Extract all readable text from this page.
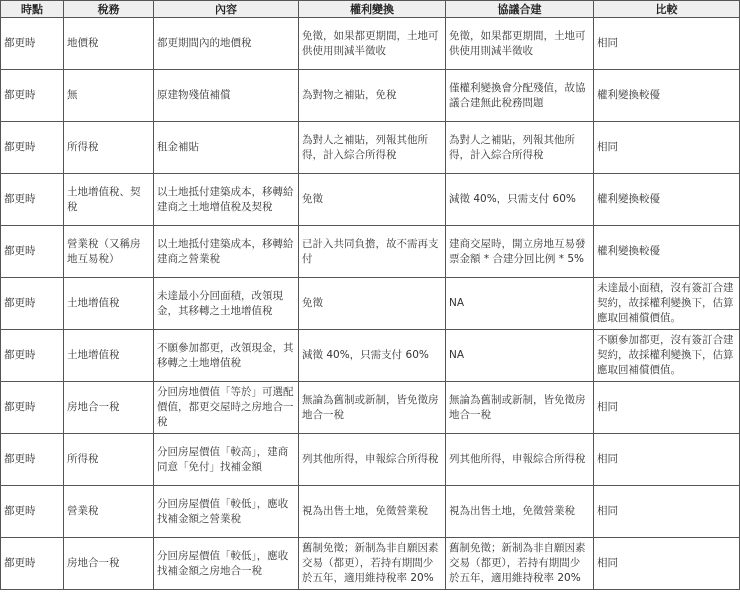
時點	稅務	內容	權利變換	協議合建	比較
都更時	地價稅	都更期間內的地價稅	免徵，如果都更期間，土地可供使用則減半徵收	免徵，如果都更期間，土地可供使用則減半徵收	相同
都更時	無	原建物殘值補償	為對物之補貼，免稅	僅權利變換會分配殘值，故協議合建無此稅務問題	權利變換較優
都更時	所得稅	租金補貼	為對人之補貼，列報其他所得，計入綜合所得稅	為對人之補貼，列報其他所得，計入綜合所得稅	相同
都更時	土地增值稅、契稅	以土地抵付建築成本，移轉給建商之土地增值稅及契稅	免徵	減徵 40%，只需支付 60%	權利變換較優
都更時	營業稅（又稱房地互易稅）	以土地抵付建築成本，移轉給建商之營業稅	已計入共同負擔，故不需再支付	建商交屋時，開立房地互易發票金額 * 合建分回比例 * 5%	權利變換較優
都更時	土地增值稅	未達最小分回面積，改領現金，其移轉之土地增值稅	免徵	NA	未達最小面積，沒有簽訂合建契約，故採權利變換下，估算應取回補償價值。
都更時	土地增值稅	不願參加都更，改領現金，其移轉之土地增值稅	減徵 40%，只需支付 60%	NA	不願參加都更，沒有簽訂合建契約，故採權利變換下，估算應取回補償價值。
都更時	房地合一稅	分回房地價值「等於」可選配價值，都更交屋時之房地合一稅	無論為舊制或新制，皆免徵房地合一稅	無論為舊制或新制，皆免徵房地合一稅	相同
都更時	所得稅	分回房屋價值「較高」，建商同意「免付」找補金額	列其他所得，申報綜合所得稅	列其他所得，申報綜合所得稅	相同
都更時	營業稅	分回房屋價值「較低」，應收找補金額之營業稅	視為出售土地，免徵營業稅	視為出售土地，免徵營業稅	相同
都更時	房地合一稅	分回房屋價值「較低」，應收找補金額之房地合一稅	舊制免徵；新制為非自願因素交易（都更），若持有期間少於五年，適用維持稅率 20%	舊制免徵；新制為非自願因素交易（都更），若持有期間少於五年，適用維持稅率 20%	相同
